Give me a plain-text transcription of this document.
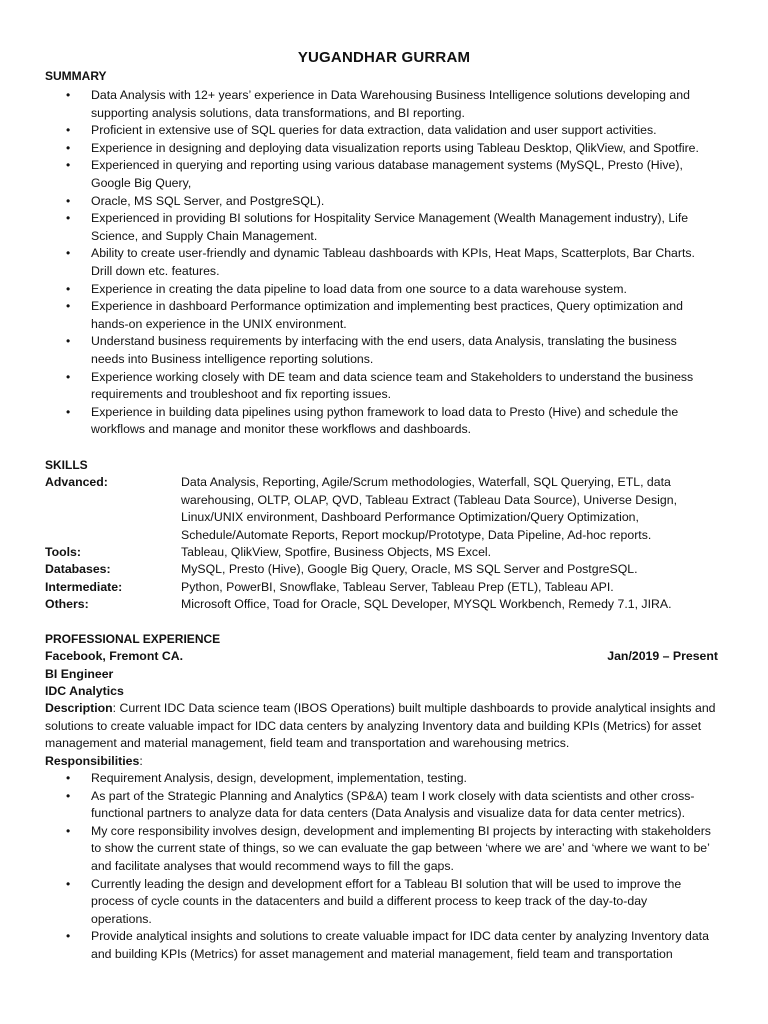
YUGANDHAR GURRAM
SUMMARY
• Data Analysis with 12+ years’ experience in Data Warehousing Business Intelligence solutions developing and supporting analysis solutions, data transformations, and BI reporting.
• Proficient in extensive use of SQL queries for data extraction, data validation and user support activities.
• Experience in designing and deploying data visualization reports using Tableau Desktop, QlikView, and Spotfire.
• Experienced in querying and reporting using various database management systems (MySQL, Presto (Hive), Google Big Query,
• Oracle, MS SQL Server, and PostgreSQL).
• Experienced in providing BI solutions for Hospitality Service Management (Wealth Management industry), Life Science, and Supply Chain Management.
• Ability to create user-friendly and dynamic Tableau dashboards with KPIs, Heat Maps, Scatterplots, Bar Charts. Drill down etc. features.
• Experience in creating the data pipeline to load data from one source to a data warehouse system.
• Experience in dashboard Performance optimization and implementing best practices, Query optimization and hands-on experience in the UNIX environment.
• Understand business requirements by interfacing with the end users, data Analysis, translating the business needs into Business intelligence reporting solutions.
• Experience working closely with DE team and data science team and Stakeholders to understand the business requirements and troubleshoot and fix reporting issues.
• Experience in building data pipelines using python framework to load data to Presto (Hive) and schedule the workflows and manage and monitor these workflows and dashboards.
SKILLS
Advanced:	Data Analysis, Reporting, Agile/Scrum methodologies, Waterfall, SQL Querying, ETL, data warehousing, OLTP, OLAP, QVD, Tableau Extract (Tableau Data Source), Universe Design, Linux/UNIX environment, Dashboard Performance Optimization/Query Optimization, Schedule/Automate Reports, Report mockup/Prototype, Data Pipeline, Ad-hoc reports.
Tools:	Tableau, QlikView, Spotfire, Business Objects, MS Excel.
Databases:	MySQL, Presto (Hive), Google Big Query, Oracle, MS SQL Server and PostgreSQL.
Intermediate:	Python, PowerBI, Snowflake, Tableau Server, Tableau Prep (ETL), Tableau API.
Others:	Microsoft Office, Toad for Oracle, SQL Developer, MYSQL Workbench, Remedy 7.1, JIRA.
PROFESSIONAL EXPERIENCE
Facebook, Fremont CA.	Jan/2019 – Present
BI Engineer
IDC Analytics
Description: Current IDC Data science team (IBOS Operations) built multiple dashboards to provide analytical insights and solutions to create valuable impact for IDC data centers by analyzing Inventory data and building KPIs (Metrics) for asset management and material management, field team and transportation and warehousing metrics.
Responsibilities:
• Requirement Analysis, design, development, implementation, testing.
• As part of the Strategic Planning and Analytics (SP&A) team I work closely with data scientists and other cross-functional partners to analyze data for data centers (Data Analysis and visualize data for data center metrics).
• My core responsibility involves design, development and implementing BI projects by interacting with stakeholders to show the current state of things, so we can evaluate the gap between ‘where we are’ and ‘where we want to be’ and facilitate analyses that would recommend ways to fill the gaps.
• Currently leading the design and development effort for a Tableau BI solution that will be used to improve the process of cycle counts in the datacenters and build a different process to keep track of the day-to-day operations.
• Provide analytical insights and solutions to create valuable impact for IDC data center by analyzing Inventory data and building KPIs (Metrics) for asset management and material management, field team and transportation
